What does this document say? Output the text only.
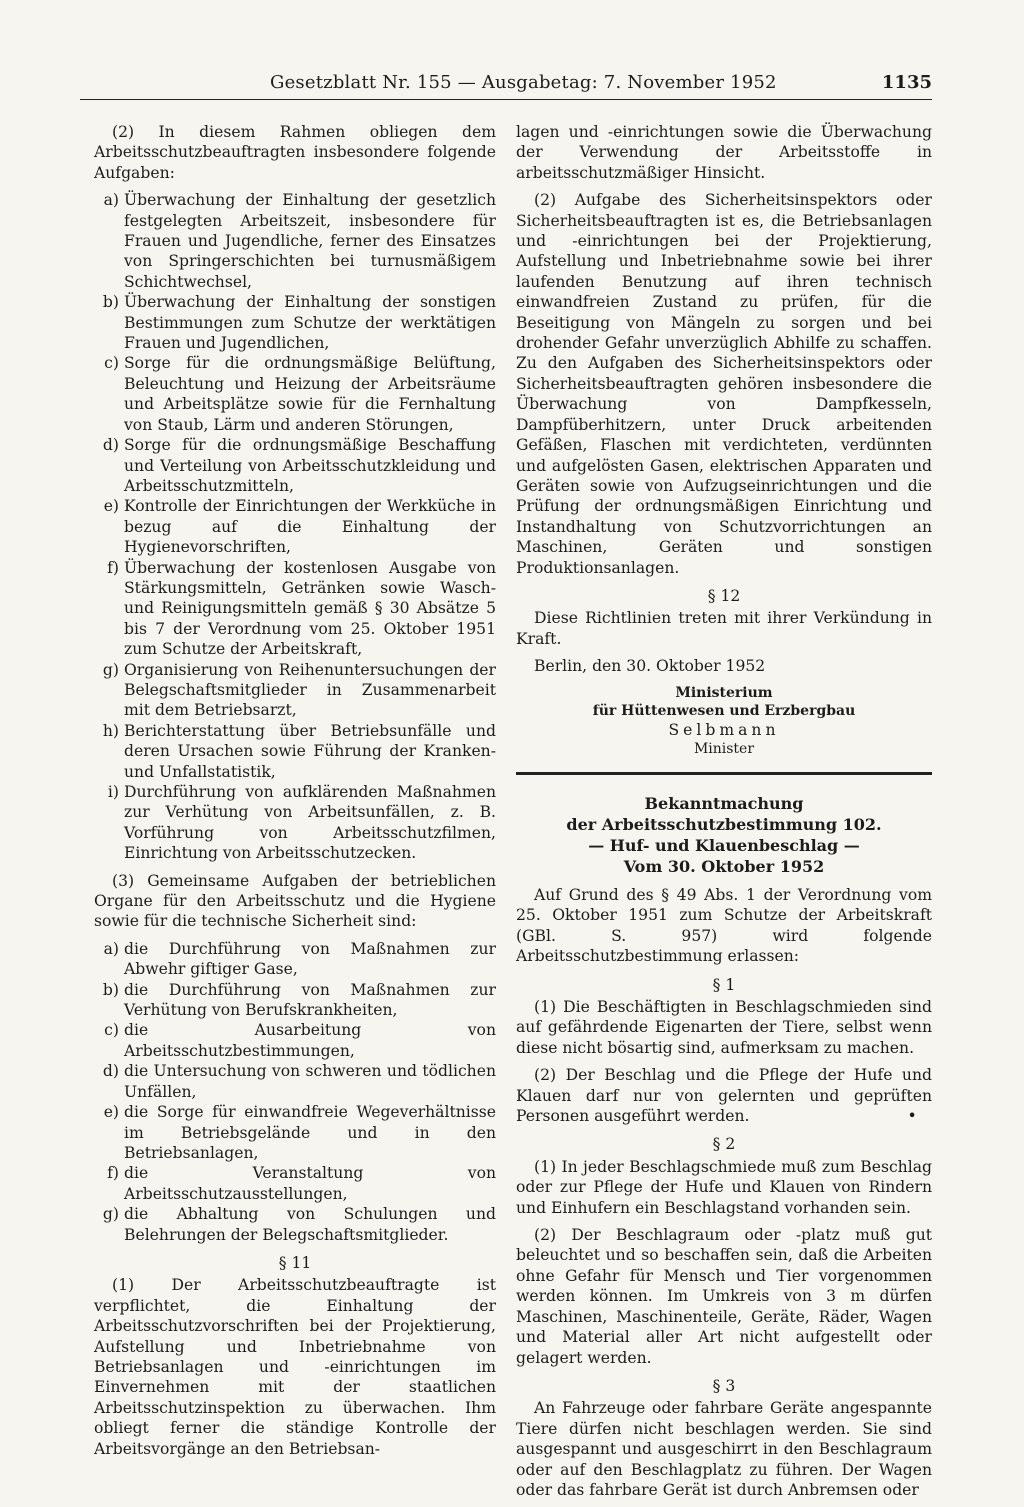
Gesetzblatt Nr. 155 — Ausgabetag: 7. November 1952	1135

(2) In diesem Rahmen obliegen dem Arbeitsschutzbeauftragten insbesondere folgende Aufgaben:

a) Überwachung der Einhaltung der gesetzlich festgelegten Arbeitszeit, insbesondere für Frauen und Jugendliche, ferner des Einsatzes von Springerschichten bei turnusmäßigem Schichtwechsel,
b) Überwachung der Einhaltung der sonstigen Bestimmungen zum Schutze der werktätigen Frauen und Jugendlichen,
c) Sorge für die ordnungsmäßige Belüftung, Beleuchtung und Heizung der Arbeitsräume und Arbeitsplätze sowie für die Fernhaltung von Staub, Lärm und anderen Störungen,
d) Sorge für die ordnungsmäßige Beschaffung und Verteilung von Arbeitsschutzkleidung und Arbeitsschutzmitteln,
e) Kontrolle der Einrichtungen der Werkküche in bezug auf die Einhaltung der Hygienevorschriften,
f) Überwachung der kostenlosen Ausgabe von Stärkungsmitteln, Getränken sowie Wasch- und Reinigungsmitteln gemäß § 30 Absätze 5 bis 7 der Verordnung vom 25. Oktober 1951 zum Schutze der Arbeitskraft,
g) Organisierung von Reihenuntersuchungen der Belegschaftsmitglieder in Zusammenarbeit mit dem Betriebsarzt,
h) Berichterstattung über Betriebsunfälle und deren Ursachen sowie Führung der Kranken- und Unfallstatistik,
i) Durchführung von aufklärenden Maßnahmen zur Verhütung von Arbeitsunfällen, z. B. Vorführung von Arbeitsschutzfilmen, Einrichtung von Arbeitsschutzecken.

(3) Gemeinsame Aufgaben der betrieblichen Organe für den Arbeitsschutz und die Hygiene sowie für die technische Sicherheit sind:

a) die Durchführung von Maßnahmen zur Abwehr giftiger Gase,
b) die Durchführung von Maßnahmen zur Verhütung von Berufskrankheiten,
c) die Ausarbeitung von Arbeitsschutzbestimmungen,
d) die Untersuchung von schweren und tödlichen Unfällen,
e) die Sorge für einwandfreie Wegeverhältnisse im Betriebsgelände und in den Betriebsanlagen,
f) die Veranstaltung von Arbeitsschutzausstellungen,
g) die Abhaltung von Schulungen und Belehrungen der Belegschaftsmitglieder.
§ 11

(1) Der Arbeitsschutzbeauftragte ist verpflichtet, die Einhaltung der Arbeitsschutzvorschriften bei der Projektierung, Aufstellung und Inbetriebnahme von Betriebsanlagen und -einrichtungen im Einvernehmen mit der staatlichen Arbeitsschutzinspektion zu überwachen. Ihm obliegt ferner die ständige Kontrolle der Arbeitsvorgänge an den Betriebsan-

lagen und -einrichtungen sowie die Überwachung der Verwendung der Arbeitsstoffe in arbeitsschutzmäßiger Hinsicht.

(2) Aufgabe des Sicherheitsinspektors oder Sicherheitsbeauftragten ist es, die Betriebsanlagen und -einrichtungen bei der Projektierung, Aufstellung und Inbetriebnahme sowie bei ihrer laufenden Benutzung auf ihren technisch einwandfreien Zustand zu prüfen, für die Beseitigung von Mängeln zu sorgen und bei drohender Gefahr unverzüglich Abhilfe zu schaffen. Zu den Aufgaben des Sicherheitsinspektors oder Sicherheitsbeauftragten gehören insbesondere die Überwachung von Dampfkesseln, Dampfüberhitzern, unter Druck arbeitenden Gefäßen, Flaschen mit verdichteten, verdünnten und aufgelösten Gasen, elektrischen Apparaten und Geräten sowie von Aufzugseinrichtungen und die Prüfung der ordnungsmäßigen Einrichtung und Instandhaltung von Schutzvorrichtungen an Maschinen, Geräten und sonstigen Produktionsanlagen.

§ 12

Diese Richtlinien treten mit ihrer Verkündung in Kraft.

Berlin, den 30. Oktober 1952

Ministerium
für Hüttenwesen und Erzbergbau
Selbmann
Minister

Bekanntmachung

der Arbeitsschutzbestimmung 102.

— Huf- und Klauenbeschlag —

Vom 30. Oktober 1952

Auf Grund des § 49 Abs. 1 der Verordnung vom 25. Oktober 1951 zum Schutze der Arbeitskraft (GBl. S. 957) wird folgende Arbeitsschutzbestimmung erlassen:

§ 1

(1) Die Beschäftigten in Beschlagschmieden sind auf gefährdende Eigenarten der Tiere, selbst wenn diese nicht bösartig sind, aufmerksam zu machen.

(2) Der Beschlag und die Pflege der Hufe und Klauen darf nur von gelernten und geprüften Personen ausgeführt werden.	•

§ 2

(1) In jeder Beschlagschmiede muß zum Beschlag oder zur Pflege der Hufe und Klauen von Rindern und Einhufern ein Beschlagstand vorhanden sein.

(2) Der Beschlagraum oder -platz muß gut beleuchtet und so beschaffen sein, daß die Arbeiten ohne Gefahr für Mensch und Tier vorgenommen werden können. Im Umkreis von 3 m dürfen Maschinen, Maschinenteile, Geräte, Räder, Wagen und Material aller Art nicht aufgestellt oder gelagert werden.

§ 3

An Fahrzeuge oder fahrbare Geräte angespannte Tiere dürfen nicht beschlagen werden. Sie sind ausgespannt und ausgeschirrt in den Beschlagraum oder auf den Beschlagplatz zu führen. Der Wagen oder das fahrbare Gerät ist durch Anbremsen oder
